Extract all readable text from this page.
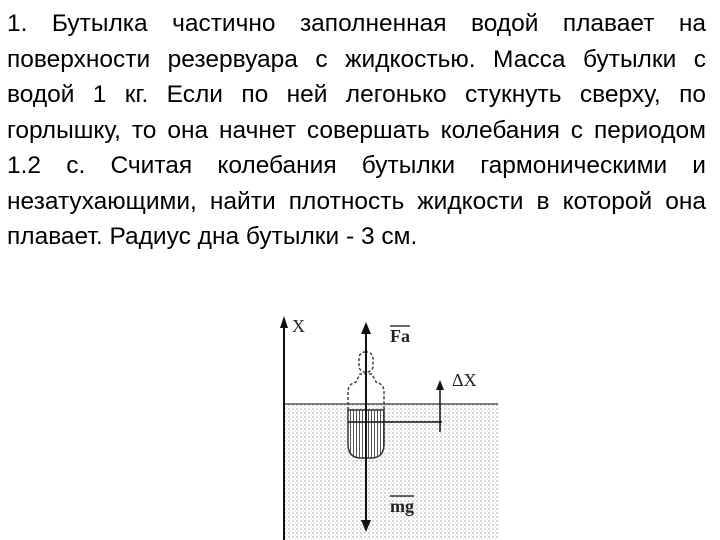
1. Бутылка частично заполненная водой плавает на поверхности резервуара с жидкостью. Масса бутылки с водой 1 кг. Если по ней легонько стукнуть сверху, по горлышку, то она начнет совершать колебания с периодом 1.2 с. Считая колебания бутылки гармоническими и незатухающими, найти плотность жидкости в которой она плавает. Радиус дна бутылки - 3 см.

X	Fa
mg
ΔX
